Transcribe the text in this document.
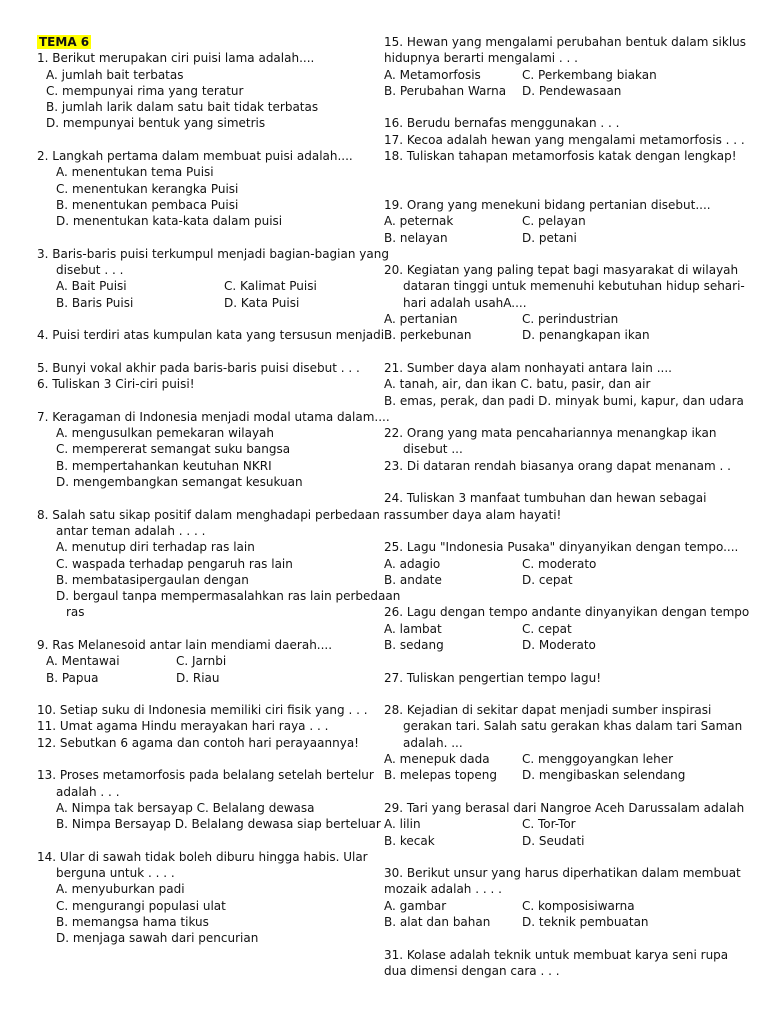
TEMA 6
1. Berikut merupakan ciri puisi lama adalah....
A. jumlah bait terbatas
C. mempunyai rima yang teratur
B. jumlah larik dalam satu bait tidak terbatas
D. mempunyai bentuk yang simetris
2. Langkah pertama dalam membuat puisi adalah....
A. menentukan tema Puisi
C. menentukan kerangka Puisi
B. menentukan pembaca Puisi
D. menentukan kata-kata dalam puisi
3. Baris-baris puisi terkumpul menjadi bagian-bagian yang
disebut . . .
A. Bait Puisi	C. Kalimat Puisi
B. Baris Puisi	D. Kata Puisi
4. Puisi terdiri atas kumpulan kata yang tersusun menjadi..
5. Bunyi vokal akhir pada baris-baris puisi disebut . . .
6. Tuliskan 3 Ciri-ciri puisi!
7. Keragaman di Indonesia menjadi modal utama dalam....
A. mengusulkan pemekaran wilayah
C. mempererat semangat suku bangsa
B. mempertahankan keutuhan NKRI
D. mengembangkan semangat kesukuan
8. Salah satu sikap positif dalam menghadapi perbedaan ras
antar teman adalah . . . .
A. menutup diri terhadap ras lain
C. waspada terhadap pengaruh ras lain
B. membatasipergaulan dengan
D. bergaul tanpa mempermasalahkan ras lain perbedaan
ras
9. Ras Melanesoid antar lain mendiami daerah....
A. Mentawai	C. Jarnbi
B. Papua	D. Riau
10. Setiap suku di Indonesia memiliki ciri fisik yang . . .
11. Umat agama Hindu merayakan hari raya . . .
12. Sebutkan 6 agama dan contoh hari perayaannya!
13. Proses metamorfosis pada belalang setelah bertelur
adalah . . .
A. Nimpa tak bersayap C. Belalang dewasa
B. Nimpa Bersayap D. Belalang dewasa siap berteluar
14. Ular di sawah tidak boleh diburu hingga habis. Ular
berguna untuk . . . .
A. menyuburkan padi
C. mengurangi populasi ulat
B. memangsa hama tikus
D. menjaga sawah dari pencurian
15. Hewan yang mengalami perubahan bentuk dalam siklus
hidupnya berarti mengalami . . .
A. Metamorfosis	C. Perkembang biakan
B. Perubahan Warna	D. Pendewasaan
16. Berudu bernafas menggunakan . . .
17. Kecoa adalah hewan yang mengalami metamorfosis . . .
18. Tuliskan tahapan metamorfosis katak dengan lengkap!
19. Orang yang menekuni bidang pertanian disebut....
A. peternak	C. pelayan
B. nelayan	D. petani
20. Kegiatan yang paling tepat bagi masyarakat di wilayah
dataran tinggi untuk memenuhi kebutuhan hidup sehari-
hari adalah usahA....
A. pertanian	C. perindustrian
B. perkebunan	D. penangkapan ikan
21. Sumber daya alam nonhayati antara lain ....
A. tanah, air, dan ikan C. batu, pasir, dan air
B. emas, perak, dan padi D. minyak bumi, kapur, dan udara
22. Orang yang mata pencahariannya menangkap ikan
disebut ...
23. Di dataran rendah biasanya orang dapat menanam . .
24. Tuliskan 3 manfaat tumbuhan dan hewan sebagai
sumber daya alam hayati!
25. Lagu "Indonesia Pusaka" dinyanyikan dengan tempo....
A. adagio	C. moderato
B. andate	D. cepat
26. Lagu dengan tempo andante dinyanyikan dengan tempo
A. lambat	C. cepat
B. sedang	D. Moderato
27. Tuliskan pengertian tempo lagu!
28. Kejadian di sekitar dapat menjadi sumber inspirasi
gerakan tari. Salah satu gerakan khas dalam tari Saman
adalah. ...
A. menepuk dada	C. menggoyangkan leher
B. melepas topeng	D. mengibaskan selendang
29. Tari yang berasal dari Nangroe Aceh Darussalam adalah
A. lilin	C. Tor-Tor
B. kecak	D. Seudati
30. Berikut unsur yang harus diperhatikan dalam membuat
mozaik adalah . . . .
A. gambar	C. komposisiwarna
B. alat dan bahan	D. teknik pembuatan
31. Kolase adalah teknik untuk membuat karya seni rupa
dua dimensi dengan cara . . .
